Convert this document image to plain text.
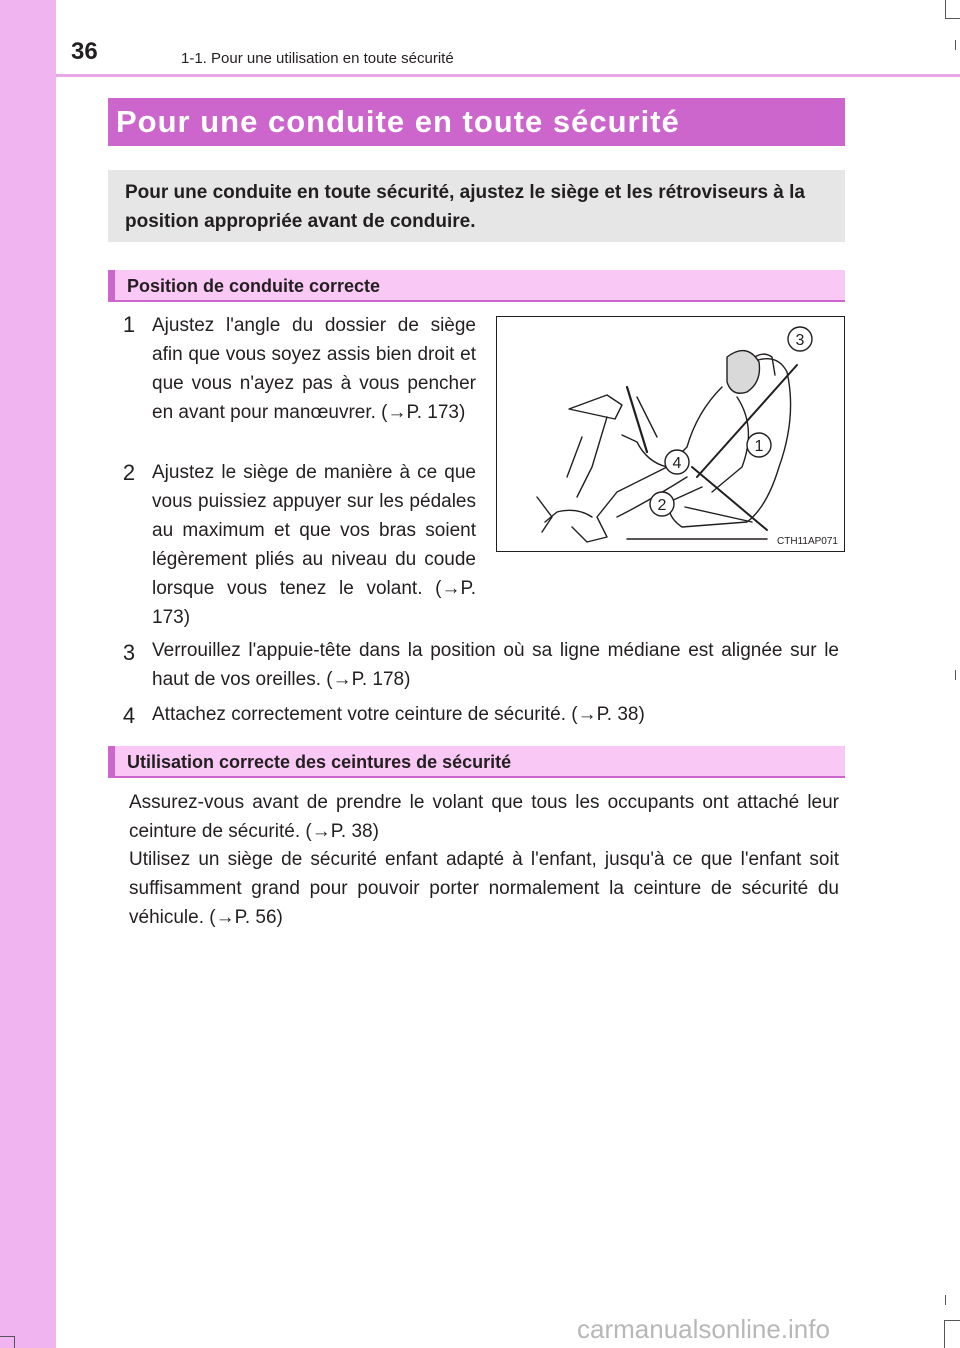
36	1-1. Pour une utilisation en toute sécurité
Pour une conduite en toute sécurité
Pour une conduite en toute sécurité, ajustez le siège et les rétroviseurs à la position appropriée avant de conduire.
Position de conduite correcte
1 Ajustez l'angle du dossier de siège afin que vous soyez assis bien droit et que vous n'ayez pas à vous pencher en avant pour manœuvrer. (→P. 173)
2 Ajustez le siège de manière à ce que vous puissiez appuyer sur les pédales au maximum et que vos bras soient légèrement pliés au niveau du coude lorsque vous tenez le volant. (→P. 173)
3
1
4
2
CTH11AP071
3 Verrouillez l'appuie-tête dans la position où sa ligne médiane est alignée sur le haut de vos oreilles. (→P. 178)
4 Attachez correctement votre ceinture de sécurité. (→P. 38)
Utilisation correcte des ceintures de sécurité
Assurez-vous avant de prendre le volant que tous les occupants ont attaché leur ceinture de sécurité. (→P. 38)
Utilisez un siège de sécurité enfant adapté à l'enfant, jusqu'à ce que l'enfant soit suffisamment grand pour pouvoir porter normalement la ceinture de sécurité du véhicule. (→P. 56)
carmanualsonline.info
